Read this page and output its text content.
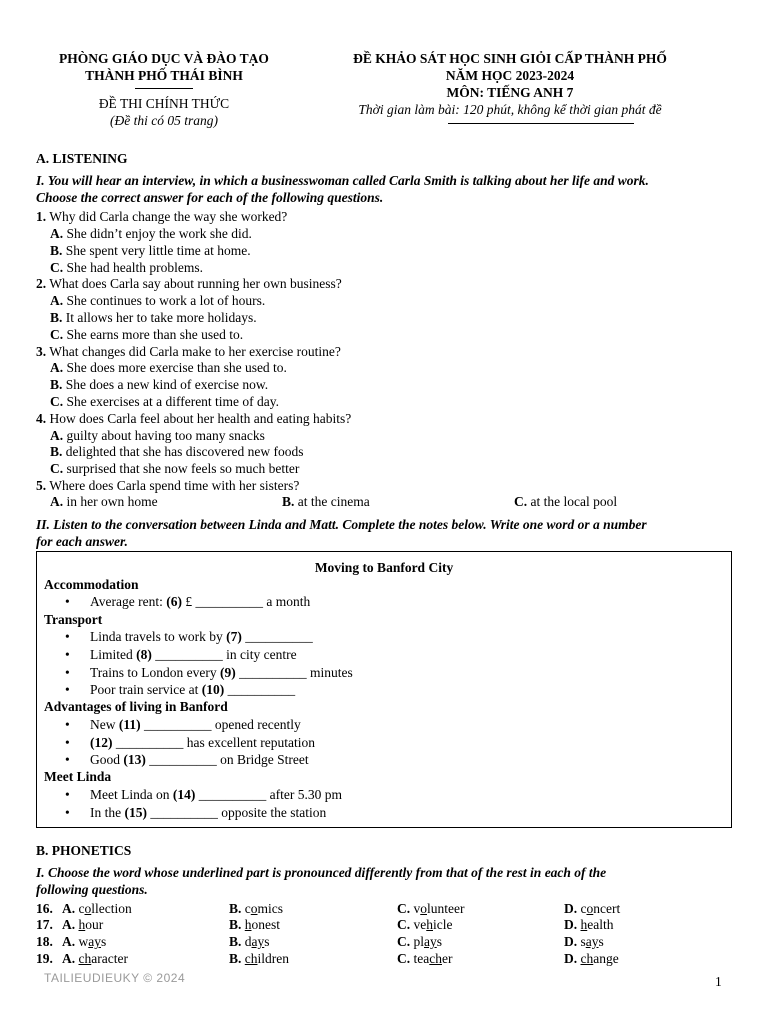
PHÒNG GIÁO DỤC VÀ ĐÀO TẠO
THÀNH PHỐ THÁI BÌNH
ĐỀ THI CHÍNH THỨC
(Đề thi có 05 trang)
ĐỀ KHẢO SÁT HỌC SINH GIỎI CẤP THÀNH PHỐ
NĂM HỌC 2023-2024
MÔN: TIẾNG ANH 7
Thời gian làm bài: 120 phút, không kể thời gian phát đề
A. LISTENING
I. You will hear an interview, in which a businesswoman called Carla Smith is talking about her life and work.
Choose the correct answer for each of the following questions.
1. Why did Carla change the way she worked?
A. She didn’t enjoy the work she did.
B. She spent very little time at home.
C. She had health problems.
2. What does Carla say about running her own business?
A. She continues to work a lot of hours.
B. It allows her to take more holidays.
C. She earns more than she used to.
3. What changes did Carla make to her exercise routine?
A. She does more exercise than she used to.
B. She does a new kind of exercise now.
C. She exercises at a different time of day.
4. How does Carla feel about her health and eating habits?
A. guilty about having too many snacks
B. delighted that she has discovered new foods
C. surprised that she now feels so much better
5. Where does Carla spend time with her sisters?
A. in her own home	B. at the cinema	C. at the local pool
II. Listen to the conversation between Linda and Matt. Complete the notes below. Write one word or a number
for each answer.
Moving to Banford City
Accommodation
• Average rent: (6) £ __________ a month
Transport
• Linda travels to work by (7) __________
• Limited (8) __________ in city centre
• Trains to London every (9) __________ minutes
• Poor train service at (10) __________
Advantages of living in Banford
• New (11) __________ opened recently
• (12) __________ has excellent reputation
• Good (13) __________ on Bridge Street
Meet Linda
• Meet Linda on (14) __________ after 5.30 pm
• In the (15) __________ opposite the station
B. PHONETICS
I. Choose the word whose underlined part is pronounced differently from that of the rest in each of the
following questions.
16. A. collection	B. comics	C. volunteer	D. concert
17. A. hour	B. honest	C. vehicle	D. health
18. A. ways	B. days	C. plays	D. says
19. A. character	B. children	C. teacher	D. change
TAILIEUDIEUKY © 2024	1
